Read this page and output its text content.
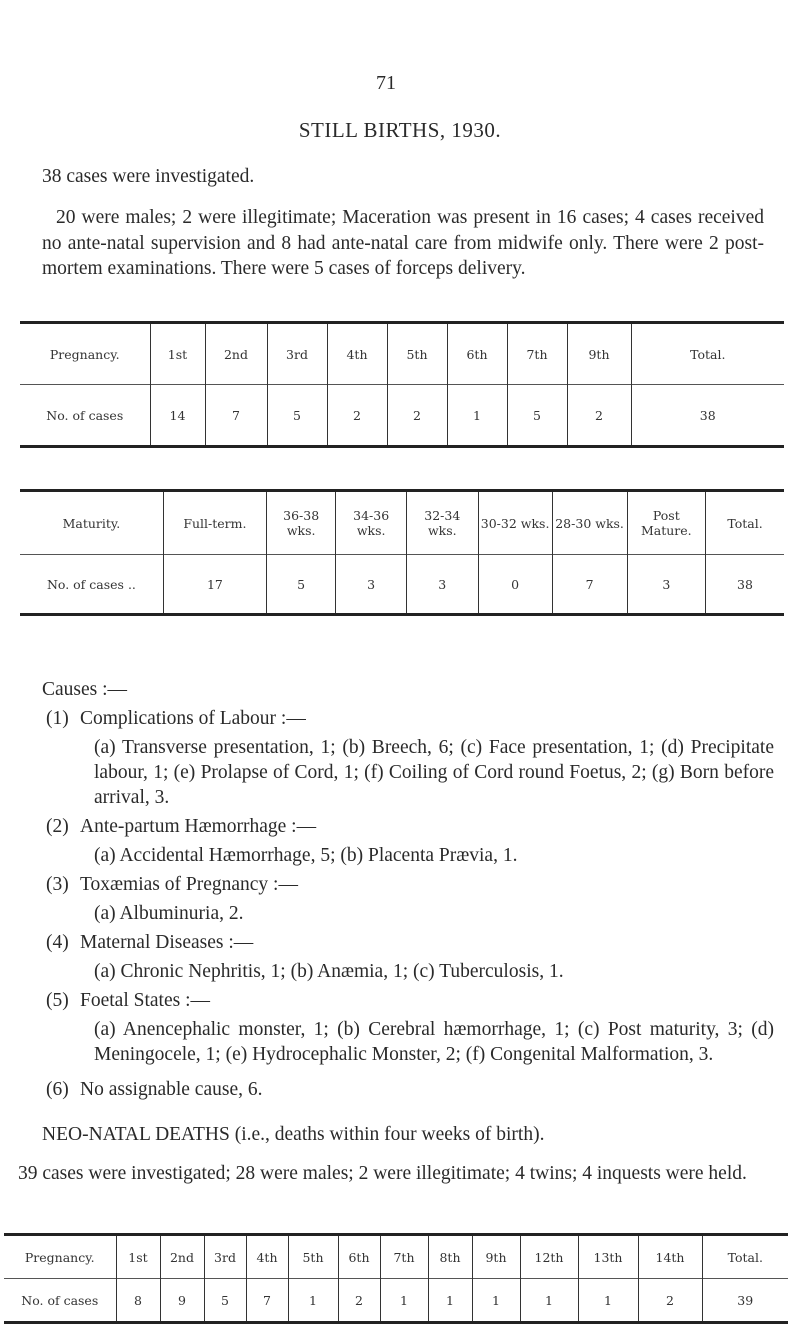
71
STILL BIRTHS, 1930.
38 cases were investigated.
20 were males; 2 were illegitimate; Maceration was present in 16 cases; 4 cases received no ante-natal supervision and 8 had ante-natal care from midwife only. There were 2 post-mortem examinations. There were 5 cases of forceps delivery.
Pregnancy.	1st	2nd	3rd	4th	5th	6th	7th	9th	Total.
No. of cases	14	7	5	2	2	1	5	2	38
Maturity.	Full-term.	36-38 wks.	34-36 wks.	32-34 wks.	30-32 wks.	28-30 wks.	Post Mature.	Total.
No. of cases ..	17	5	3	3	0	7	3	38

Causes :—

(1) Complications of Labour :—
(a) Transverse presentation, 1; (b) Breech, 6; (c) Face presentation, 1; (d) Precipitate labour, 1; (e) Prolapse of Cord, 1; (f) Coiling of Cord round Foetus, 2; (g) Born before arrival, 3.
(2) Ante-partum Hæmorrhage :—
(a) Accidental Hæmorrhage, 5; (b) Placenta Prævia, 1.
(3) Toxæmias of Pregnancy :—
(a) Albuminuria, 2.
(4) Maternal Diseases :—
(a) Chronic Nephritis, 1; (b) Anæmia, 1; (c) Tuberculosis, 1.
(5) Foetal States :—
(a) Anencephalic monster, 1; (b) Cerebral hæmorrhage, 1; (c) Post maturity, 3; (d) Meningocele, 1; (e) Hydrocephalic Monster, 2; (f) Congenital Malformation, 3.
(6) No assignable cause, 6.
NEO-NATAL DEATHS (i.e., deaths within four weeks of birth).
39 cases were investigated; 28 were males; 2 were illegitimate; 4 twins; 4 inquests were held.
Pregnancy.	1st	2nd	3rd	4th	5th	6th	7th	8th	9th	12th	13th	14th	Total.
No. of cases	8	9	5	7	1	2	1	1	1	1	1	2	39
